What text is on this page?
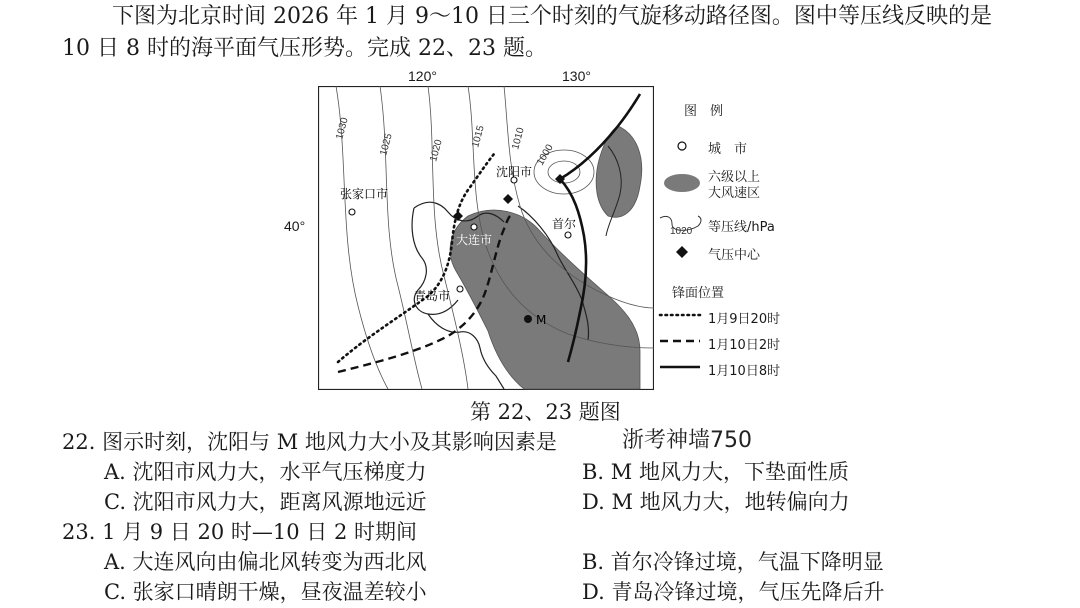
下图为北京时间 2026 年 1 月 9～10 日三个时刻的气旋移动路径图。图中等压线反映的是
10 日 8 时的海平面气压形势。完成 22、23 题。
120°	130°
40°
1030
1025	1020
1015 1010
1000
张家口市
沈阳市
大连市
青岛市
首尔
M
图　例
城　市
六级以上
大风速区
1020 等压线/hPa
气压中心
锋面位置
1月9日20时
1月10日2时
1月10日8时
第 22、23 题图
浙考神墙750
22. 图示时刻，沈阳与 M 地风力大小及其影响因素是
A. 沈阳市风力大，水平气压梯度力	B. M 地风力大，下垫面性质
C. 沈阳市风力大，距离风源地远近	D. M 地风力大，地转偏向力
23. 1 月 9 日 20 时—10 日 2 时期间
A. 大连风向由偏北风转变为西北风	B. 首尔冷锋过境，气温下降明显
C. 张家口晴朗干燥，昼夜温差较小	D. 青岛冷锋过境，气压先降后升
